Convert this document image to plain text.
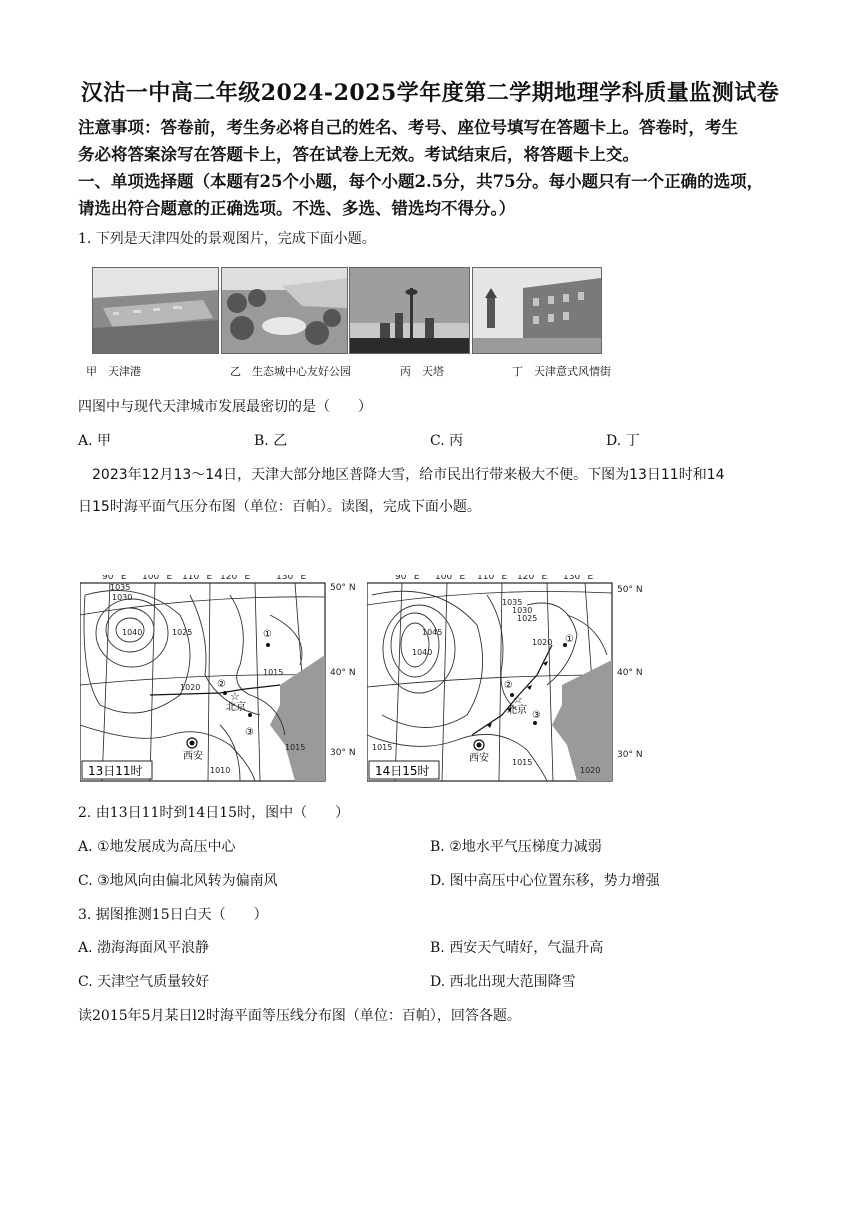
汉沽一中高二年级2024-2025学年度第二学期地理学科质量监测试卷
注意事项：答卷前，考生务必将自己的姓名、考号、座位号填写在答题卡上。答卷时，考生
务必将答案涂写在答题卡上，答在试卷上无效。考试结束后，将答题卡上交。
一、单项选择题（本题有25个小题，每个小题2.5分，共75分。每小题只有一个正确的选项，
请选出符合题意的正确选项。不选、多选、错选均不得分。）
1. 下列是天津四处的景观图片，完成下面小题。
甲　天津港	乙　生态城中心友好公园	丙　天塔	丁　天津意式风情街
四图中与现代天津城市发展最密切的是（　　）
A. 甲	B. 乙	C. 丙	D. 丁
2023年12月13～14日，天津大部分地区普降大雪，给市民出行带来极大不便。下图为13日11时和14
日15时海平面气压分布图（单位：百帕）。读图，完成下面小题。
90° E 100° E 110° E 120° E	130° E
50° N
40° N
30° N
1035
1030
1040	1025
1020
1015
1010
1015
①
②
③
☆
北京
西安
13日11时
90° E 100° E 110° E 120° E 130° E
50° N
40° N
30° N
1035
1030
1025
1045
1040
1020
1015
1015
1020
①
②
③
☆
北京
西安
14日15时
2. 由13日11时到14日15时，图中（　　）
A. ①地发展成为高压中心	B. ②地水平气压梯度力减弱
C. ③地风向由偏北风转为偏南风	D. 图中高压中心位置东移，势力增强
3. 据图推测15日白天（　　）
A. 渤海海面风平浪静	B. 西安天气晴好，气温升高
C. 天津空气质量较好	D. 西北出现大范围降雪
读2015年5月某日l2时海平面等压线分布图（单位：百帕），回答各题。
